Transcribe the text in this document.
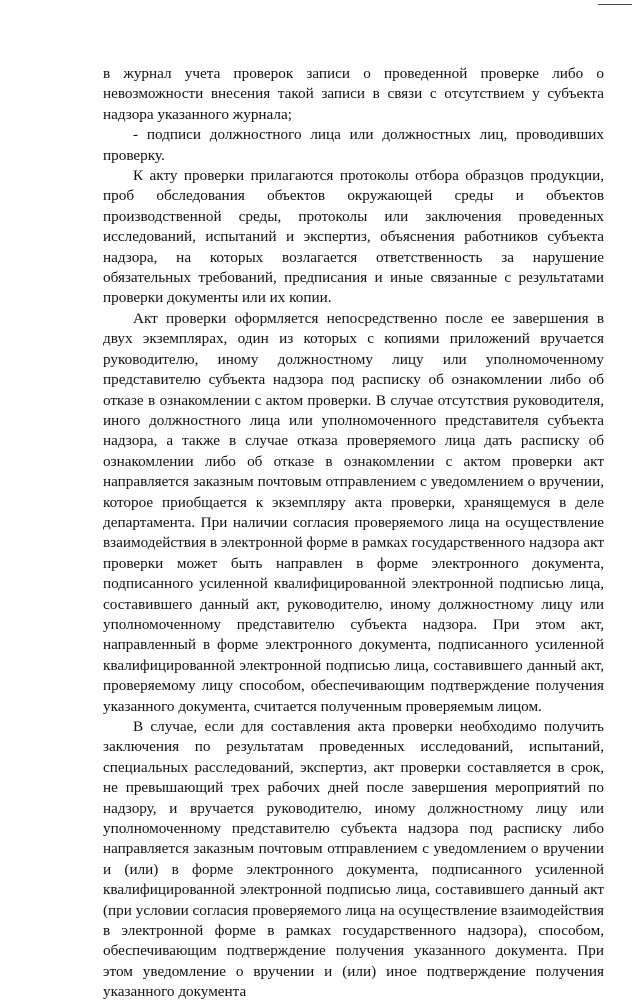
в журнал учета проверок записи о проведенной проверке либо о невозможности внесения такой записи в связи с отсутствием у субъекта надзора указанного журнала;

- подписи должностного лица или должностных лиц, проводивших проверку.

К акту проверки прилагаются протоколы отбора образцов продукции, проб обследования объектов окружающей среды и объектов производственной среды, протоколы или заключения проведенных исследований, испытаний и экспертиз, объяснения работников субъекта надзора, на которых возлагается ответственность за нарушение обязательных требований, предписания и иные связанные с результатами проверки документы или их копии.

Акт проверки оформляется непосредственно после ее завершения в двух экземплярах, один из которых с копиями приложений вручается руководителю, иному должностному лицу или уполномоченному представителю субъекта надзора под расписку об ознакомлении либо об отказе в ознакомлении с актом проверки. В случае отсутствия руководителя, иного должностного лица или уполномоченного представителя субъекта надзора, а также в случае отказа проверяемого лица дать расписку об ознакомлении либо об отказе в ознакомлении с актом проверки акт направляется заказным почтовым отправлением с уведомлением о вручении, которое приобщается к экземпляру акта проверки, хранящемуся в деле департамента. При наличии согласия проверяемого лица на осуществление взаимодействия в электронной форме в рамках государственного надзора акт проверки может быть направлен в форме электронного документа, подписанного усиленной квалифицированной электронной подписью лица, составившего данный акт, руководителю, иному должностному лицу или уполномоченному представителю субъекта надзора. При этом акт, направленный в форме электронного документа, подписанного усиленной квалифицированной электронной подписью лица, составившего данный акт, проверяемому лицу способом, обеспечивающим подтверждение получения указанного документа, считается полученным проверяемым лицом.

В случае, если для составления акта проверки необходимо получить заключения по результатам проведенных исследований, испытаний, специальных расследований, экспертиз, акт проверки составляется в срок, не превышающий трех рабочих дней после завершения мероприятий по надзору, и вручается руководителю, иному должностному лицу или уполномоченному представителю субъекта надзора под расписку либо направляется заказным почтовым отправлением с уведомлением о вручении и (или) в форме электронного документа, подписанного усиленной квалифицированной электронной подписью лица, составившего данный акт (при условии согласия проверяемого лица на осуществление взаимодействия в электронной форме в рамках государственного надзора), способом, обеспечивающим подтверждение получения указанного документа. При этом уведомление о вручении и (или) иное подтверждение получения указанного документа
